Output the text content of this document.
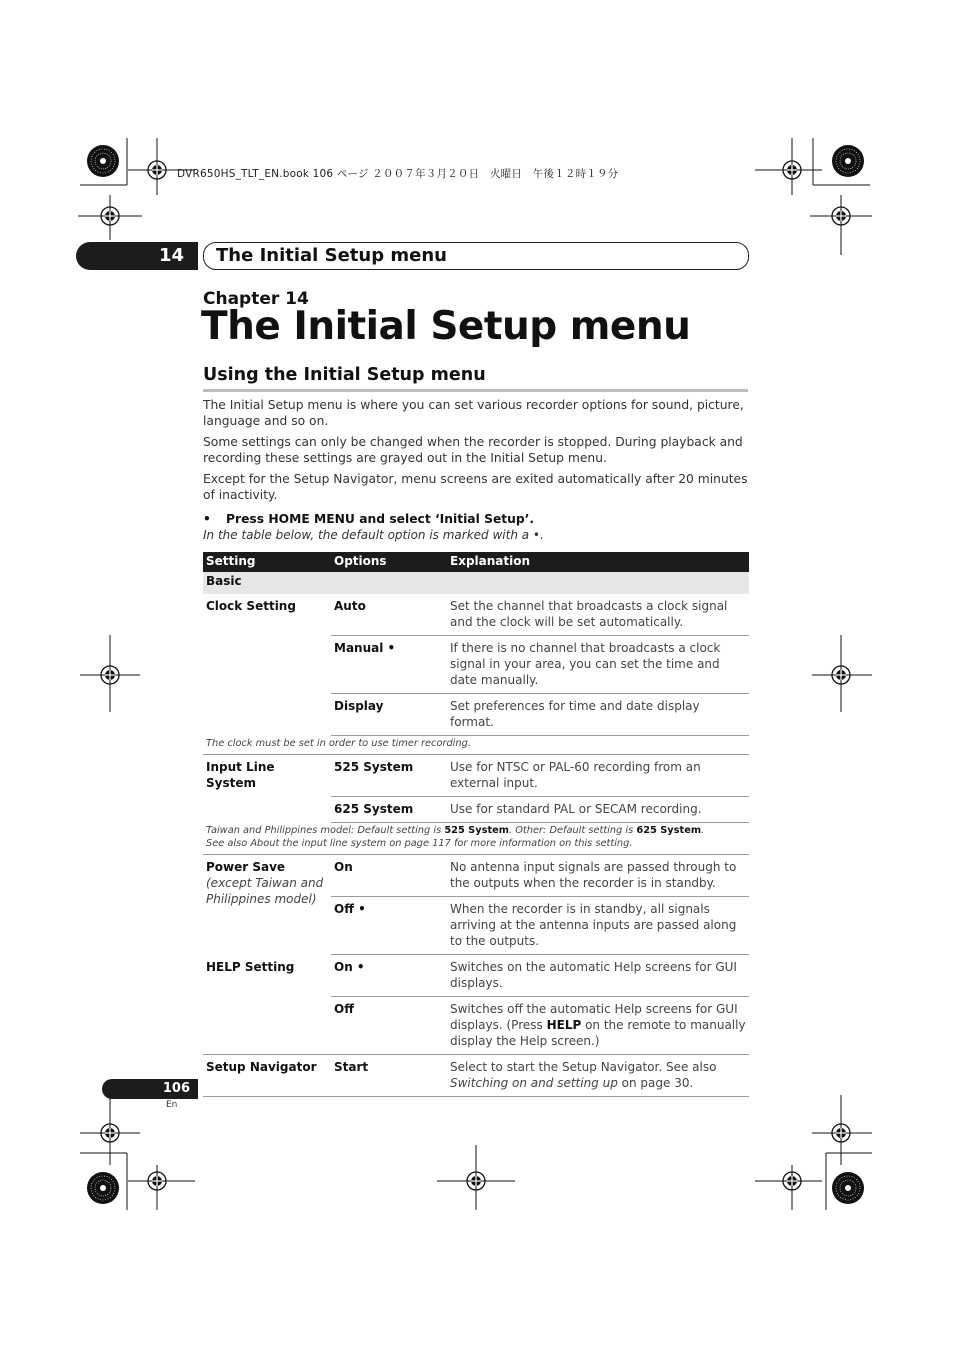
DVR650HS_TLT_EN.book 106 ページ ２００７年３月２０日　火曜日　午後１２時１９分
14 The Initial Setup menu
Chapter 14
The Initial Setup menu
Using the Initial Setup menu

The Initial Setup menu is where you can set various recorder options for sound, picture, language and so on.

Some settings can only be changed when the recorder is stopped. During playback and recording these settings are grayed out in the Initial Setup menu.

Except for the Setup Navigator, menu screens are exited automatically after 20 minutes of inactivity.

• Press HOME MENU and select ‘Initial Setup’.
In the table below, the default option is marked with a •.
Setting	Options	Explanation
Basic		
Clock Setting	Auto	Set the channel that broadcasts a clock signal and the clock will be set automatically.
	Manual •	If there is no channel that broadcasts a clock signal in your area, you can set the time and date manually.
	Display	Set preferences for time and date display format.
The clock must be set in order to use timer recording.		
Input Line System	525 System	Use for NTSC or PAL-60 recording from an external input.
	625 System	Use for standard PAL or SECAM recording.
Taiwan and Philippines model: Default setting is 525 System. Other: Default setting is 625 System.
See also About the input line system on page 117 for more information on this setting.		
Power Save
(except Taiwan and Philippines model)	On	No antenna input signals are passed through to the outputs when the recorder is in standby.
	Off •	When the recorder is in standby, all signals arriving at the antenna inputs are passed along to the outputs.
HELP Setting	On •	Switches on the automatic Help screens for GUI displays.
	Off	Switches off the automatic Help screens for GUI displays. (Press HELP on the remote to manually display the Help screen.)
Setup Navigator	Start	Select to start the Setup Navigator. See also Switching on and setting up on page 30.
106
En
